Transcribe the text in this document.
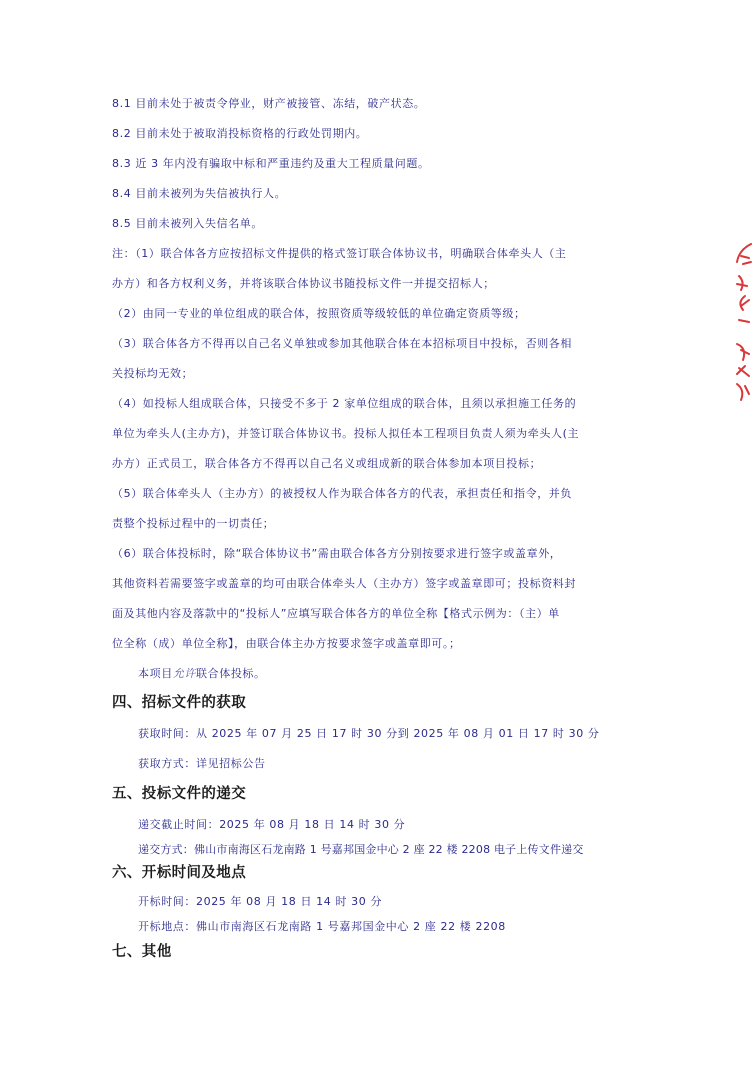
8.1 目前未处于被责令停业，财产被接管、冻结，破产状态。
8.2 目前未处于被取消投标资格的行政处罚期内。
8.3 近 3 年内没有骗取中标和严重违约及重大工程质量问题。
8.4 目前未被列为失信被执行人。
8.5 目前未被列入失信名单。
注：（1）联合体各方应按招标文件提供的格式签订联合体协议书，明确联合体牵头人（主
办方）和各方权利义务，并将该联合体协议书随投标文件一并提交招标人；
（2）由同一专业的单位组成的联合体，按照资质等级较低的单位确定资质等级；
（3）联合体各方不得再以自己名义单独或参加其他联合体在本招标项目中投标，否则各相
关投标均无效；
（4）如投标人组成联合体，只接受不多于 2 家单位组成的联合体，且须以承担施工任务的
单位为牵头人(主办方)，并签订联合体协议书。投标人拟任本工程项目负责人须为牵头人(主
办方）正式员工，联合体各方不得再以自己名义或组成新的联合体参加本项目投标；
（5）联合体牵头人（主办方）的被授权人作为联合体各方的代表，承担责任和指令，并负
责整个投标过程中的一切责任；
（6）联合体投标时，除“联合体协议书”需由联合体各方分别按要求进行签字或盖章外，
其他资料若需要签字或盖章的均可由联合体牵头人（主办方）签字或盖章即可；投标资料封
面及其他内容及落款中的“投标人”应填写联合体各方的单位全称【格式示例为：（主）单
位全称（成）单位全称】，由联合体主办方按要求签字或盖章即可。；
本项目允许联合体投标。
四、招标文件的获取
获取时间：从 2025 年 07 月 25 日 17 时 30 分到 2025 年 08 月 01 日 17 时 30 分
获取方式：详见招标公告
五、投标文件的递交
递交截止时间：2025 年 08 月 18 日 14 时 30 分
递交方式：佛山市南海区石龙南路 1 号嘉邦国金中心 2 座 22 楼 2208 电子上传文件递交
六、开标时间及地点
开标时间：2025 年 08 月 18 日 14 时 30 分
开标地点：佛山市南海区石龙南路 1 号嘉邦国金中心 2 座 22 楼 2208
七、其他
